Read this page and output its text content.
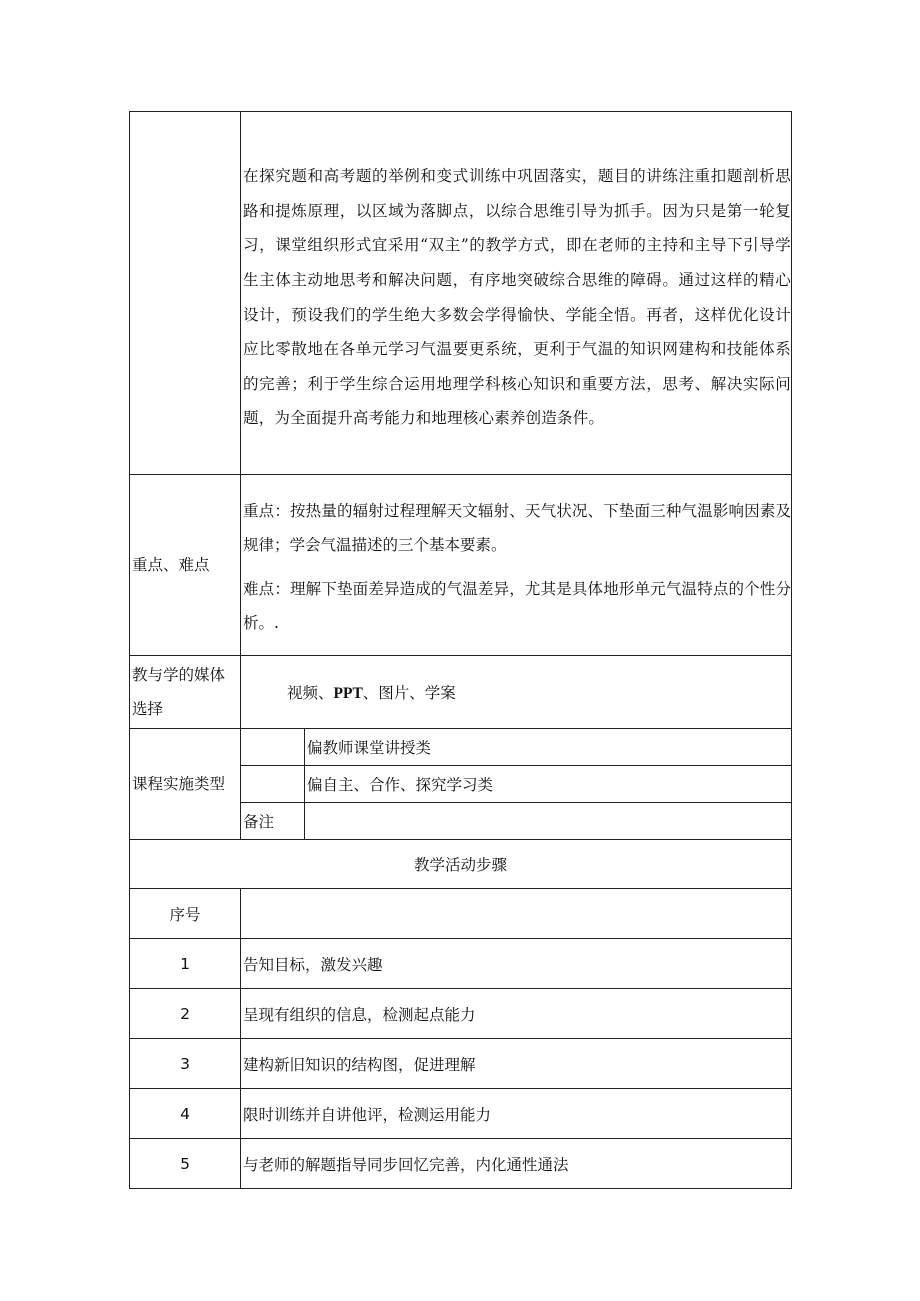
	在探究题和高考题的举例和变式训练中巩固落实，题目的讲练注重扣题剖析思路和提炼原理，以区域为落脚点，以综合思维引导为抓手。因为只是第一轮复习，课堂组织形式宜采用“双主”的教学方式，即在老师的主持和主导下引导学生主体主动地思考和解决问题，有序地突破综合思维的障碍。通过这样的精心设计，预设我们的学生绝大多数会学得愉快、学能全悟。再者，这样优化设计应比零散地在各单元学习气温要更系统，更利于气温的知识网建构和技能体系的完善；利于学生综合运用地理学科核心知识和重要方法，思考、解决实际问题，为全面提升高考能力和地理核心素养创造条件。	

重点、难点	重点：按热量的辐射过程理解天文辐射、天气状况、下垫面三种气温影响因素及规律；学会气温描述的三个基本要素。

难点：理解下垫面差异造成的气温差异，尤其是具体地形单元气温特点的个性分析。.	

教与学的媒体选择	视频、PPT、图片、学案	

课程实施类型		偏教师课堂讲授类

		偏自主、合作、探究学习类

	备注	

教学活动步骤		
序号		
1	告知目标，激发兴趣	

2	呈现有组织的信息，检测起点能力	

3	建构新旧知识的结构图，促进理解	

4	限时训练并自讲他评，检测运用能力	

5	与老师的解题指导同步回忆完善，内化通性通法	
